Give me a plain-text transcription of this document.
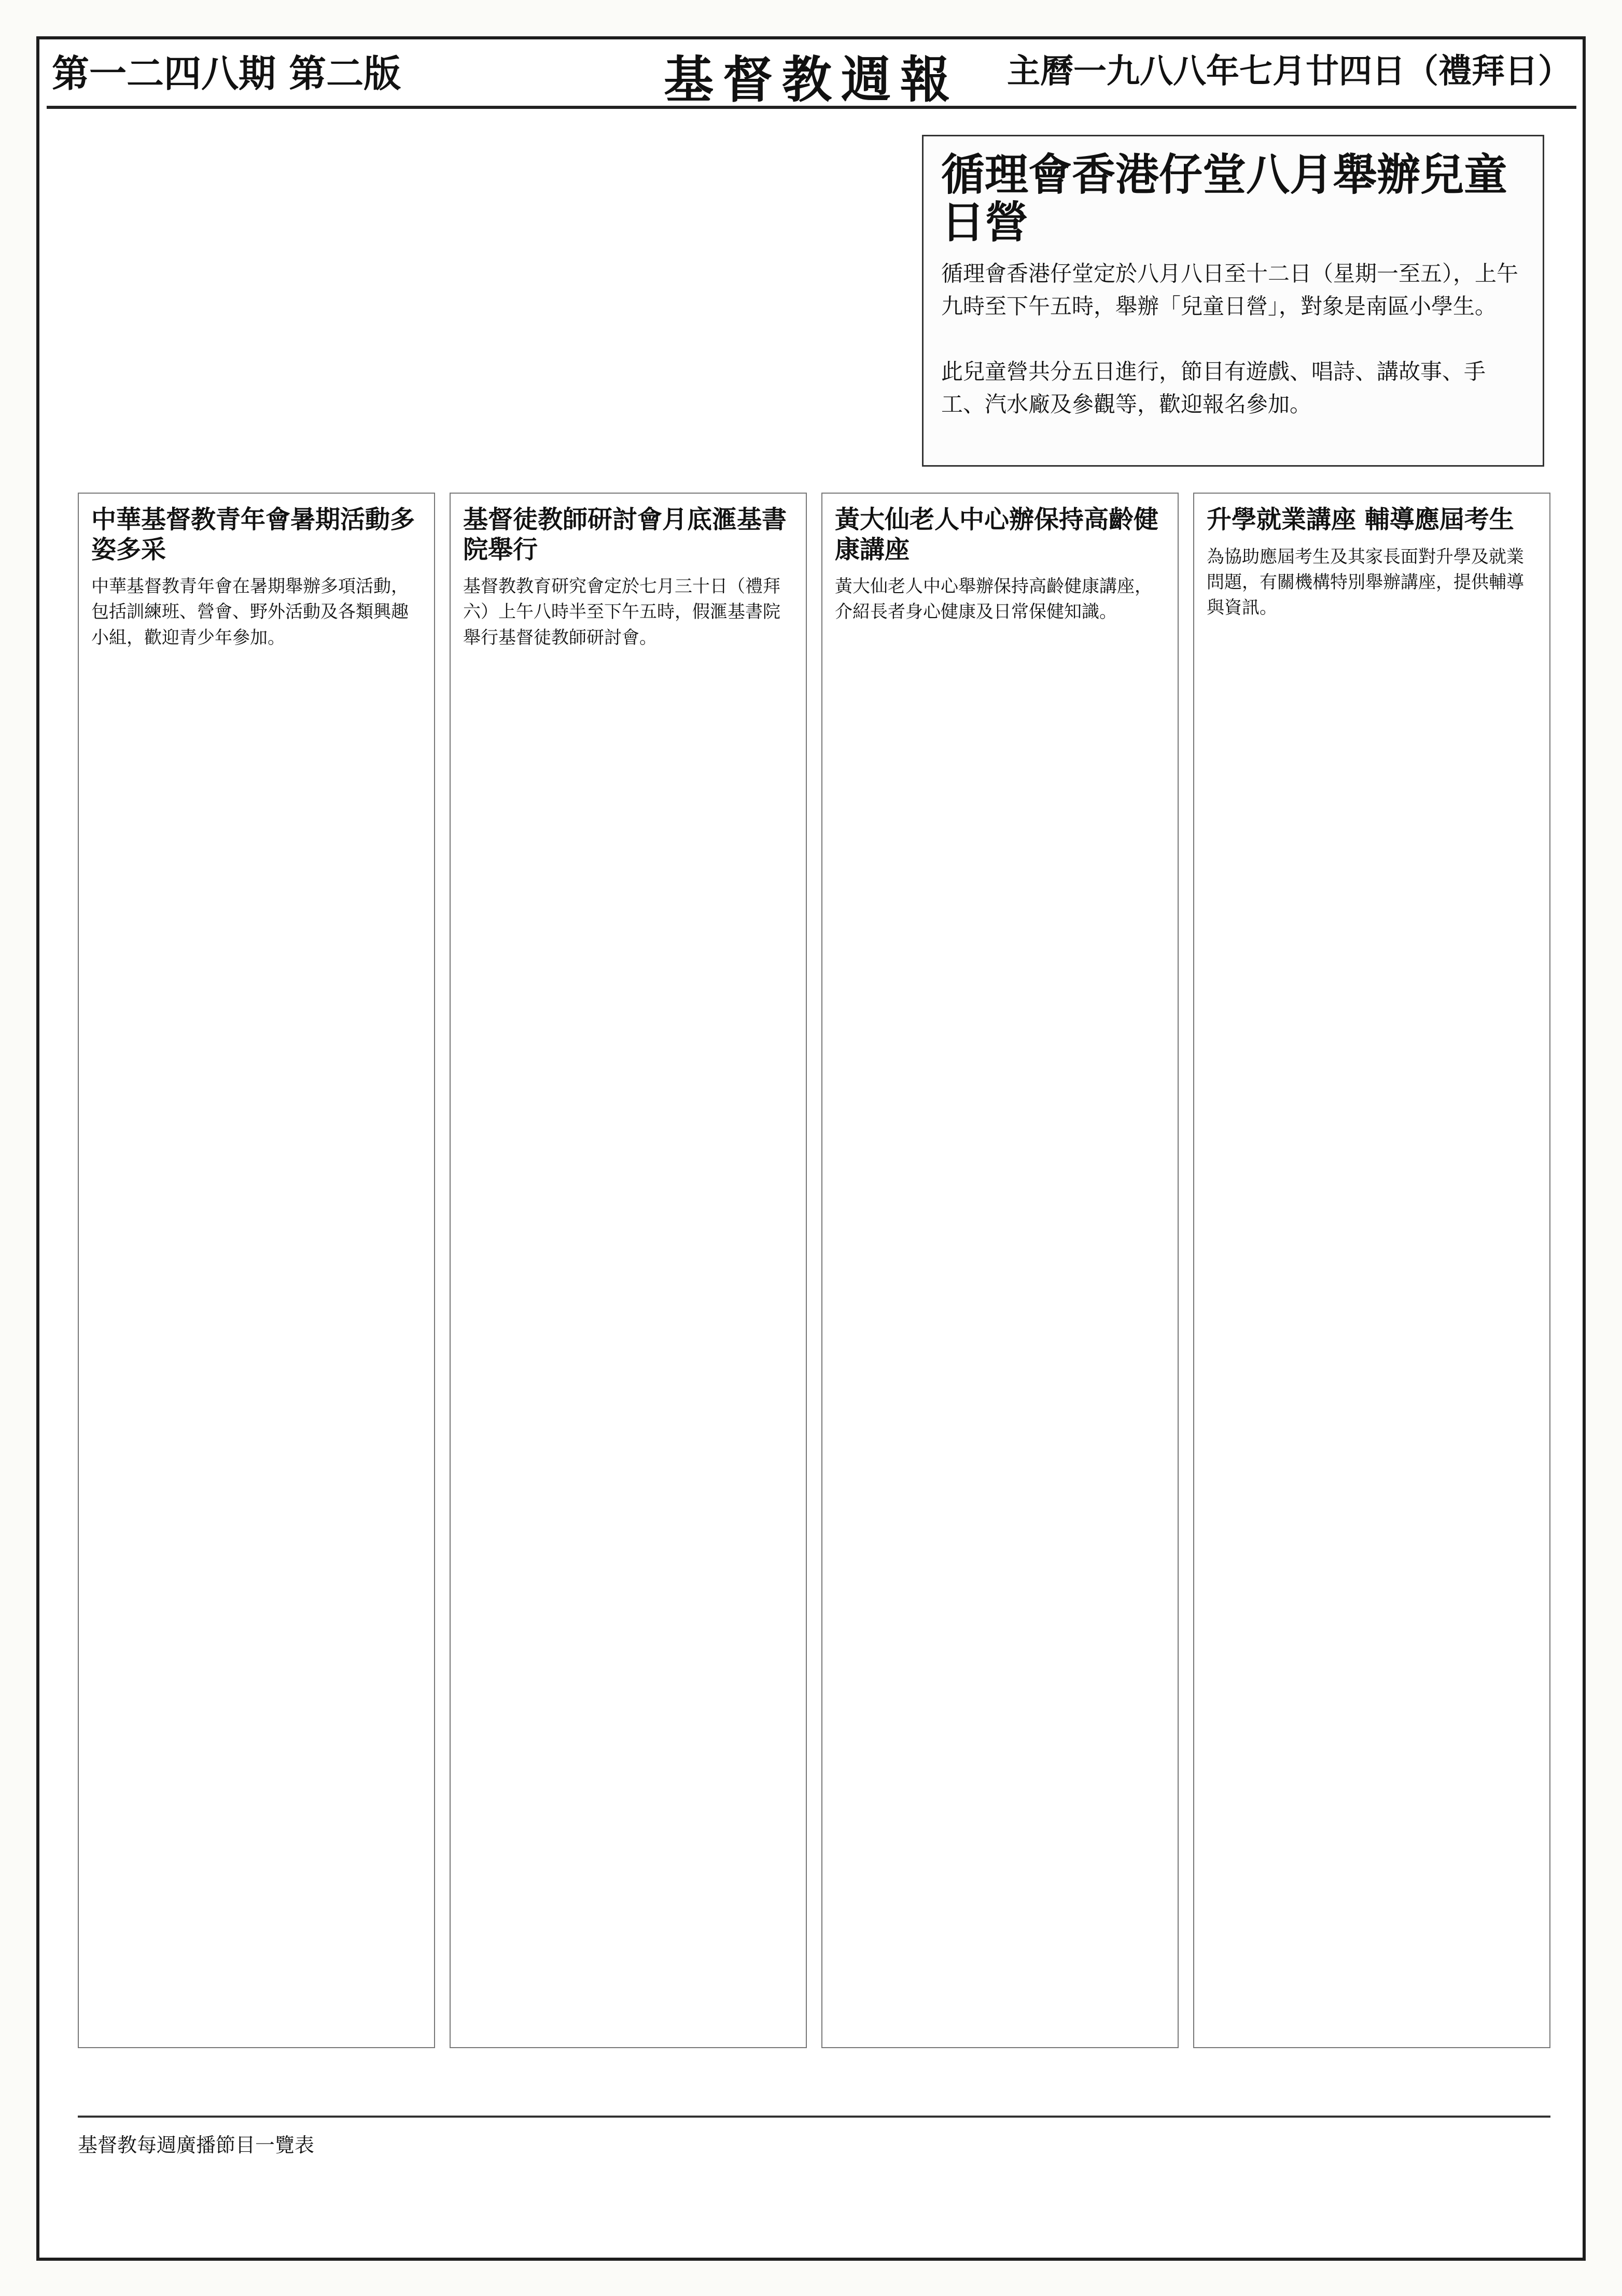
第一二四八期 第二版	基督教週報 主曆一九八八年七月廿四日（禮拜日）
循理會香港仔堂八月舉辦兒童日營
循理會香港仔堂定於八月八日至十二日（星期一至五），上午九時至下午五時，舉辦「兒童日營」，對象是南區小學生。

此兒童營共分五日進行，節目有遊戲、唱詩、講故事、手工、汽水廠及參觀等，歡迎報名參加。
中華基督教青年會暑期活動多姿多采
中華基督教青年會在暑期舉辦多項活動，包括訓練班、營會、野外活動及各類興趣小組，歡迎青少年參加。
基督徒教師研討會月底滙基書院舉行
基督教教育研究會定於七月三十日（禮拜六）上午八時半至下午五時，假滙基書院舉行基督徒教師研討會。
黃大仙老人中心辦保持高齡健康講座
黃大仙老人中心舉辦保持高齡健康講座，介紹長者身心健康及日常保健知識。
升學就業講座 輔導應屆考生
為協助應屆考生及其家長面對升學及就業問題，有關機構特別舉辦講座，提供輔導與資訊。
基督教每週廣播節目一覽表
